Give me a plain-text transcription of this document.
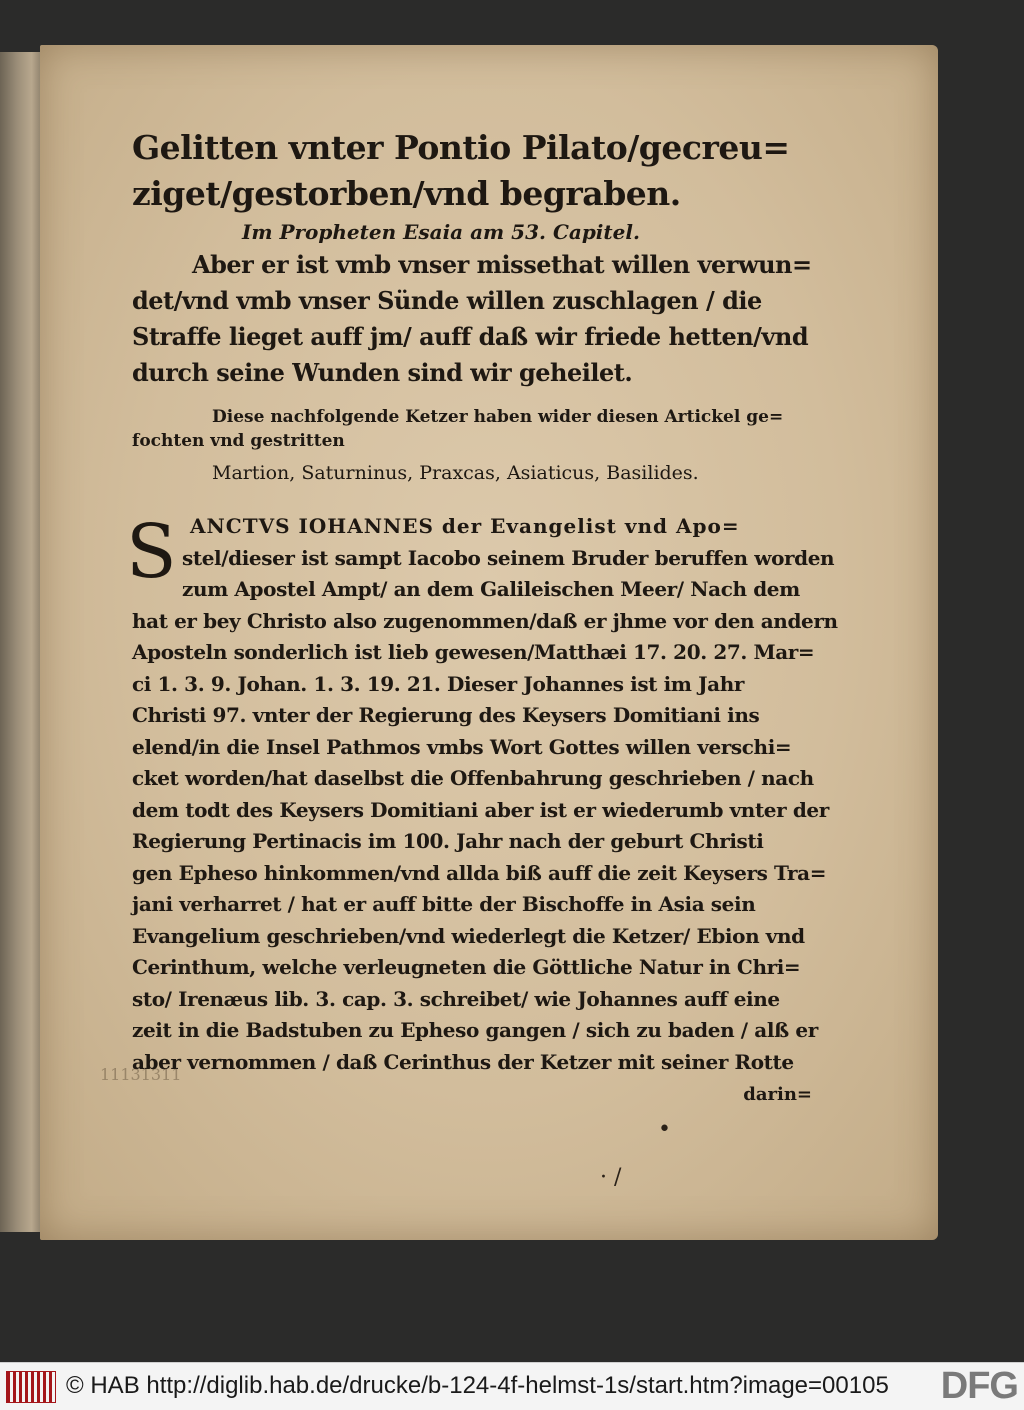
Gelitten vnter Pontio Pilato/gecreu=
ziget/gestorben/vnd begraben.
Im Propheten Esaia am 53. Capitel.
Aber er ist vmb vnser missethat willen verwun=
det/vnd vmb vnser Sünde willen zuschlagen / die
Straffe lieget auff jm/ auff daß wir friede hetten/vnd
durch seine Wunden sind wir geheilet.
Diese nachfolgende Ketzer haben wider diesen Artickel ge=
fochten vnd gestritten
Martion, Saturninus, Praxcas, Asiaticus, Basilides.
S ANCTVS IOHANNES der Evangelist vnd Apo=
stel/dieser ist sampt Iacobo seinem Bruder beruffen worden
zum Apostel Ampt/ an dem Galileischen Meer/ Nach dem
hat er bey Christo also zugenommen/daß er jhme vor den andern
Aposteln sonderlich ist lieb gewesen/Matthæi 17. 20. 27. Mar=
ci 1. 3. 9. Johan. 1. 3. 19. 21. Dieser Johannes ist im Jahr
Christi 97. vnter der Regierung des Keysers Domitiani ins
elend/in die Insel Pathmos vmbs Wort Gottes willen verschi=
cket worden/hat daselbst die Offenbahrung geschrieben / nach
dem todt des Keysers Domitiani aber ist er wiederumb vnter der
Regierung Pertinacis im 100. Jahr nach der geburt Christi
gen Epheso hinkommen/vnd allda biß auff die zeit Keysers Tra=
jani verharret / hat er auff bitte der Bischoffe in Asia sein
Evangelium geschrieben/vnd wiederlegt die Ketzer/ Ebion vnd
Cerinthum, welche verleugneten die Göttliche Natur in Chri=
sto/ Irenæus lib. 3. cap. 3. schreibet/ wie Johannes auff eine
zeit in die Badstuben zu Epheso gangen / sich zu baden / alß er
aber vernommen / daß Cerinthus der Ketzer mit seiner Rotte
darin=
11131311
•
· /
© HAB http://diglib.hab.de/drucke/b-124-4f-helmst-1s/start.htm?image=00105 DFG
